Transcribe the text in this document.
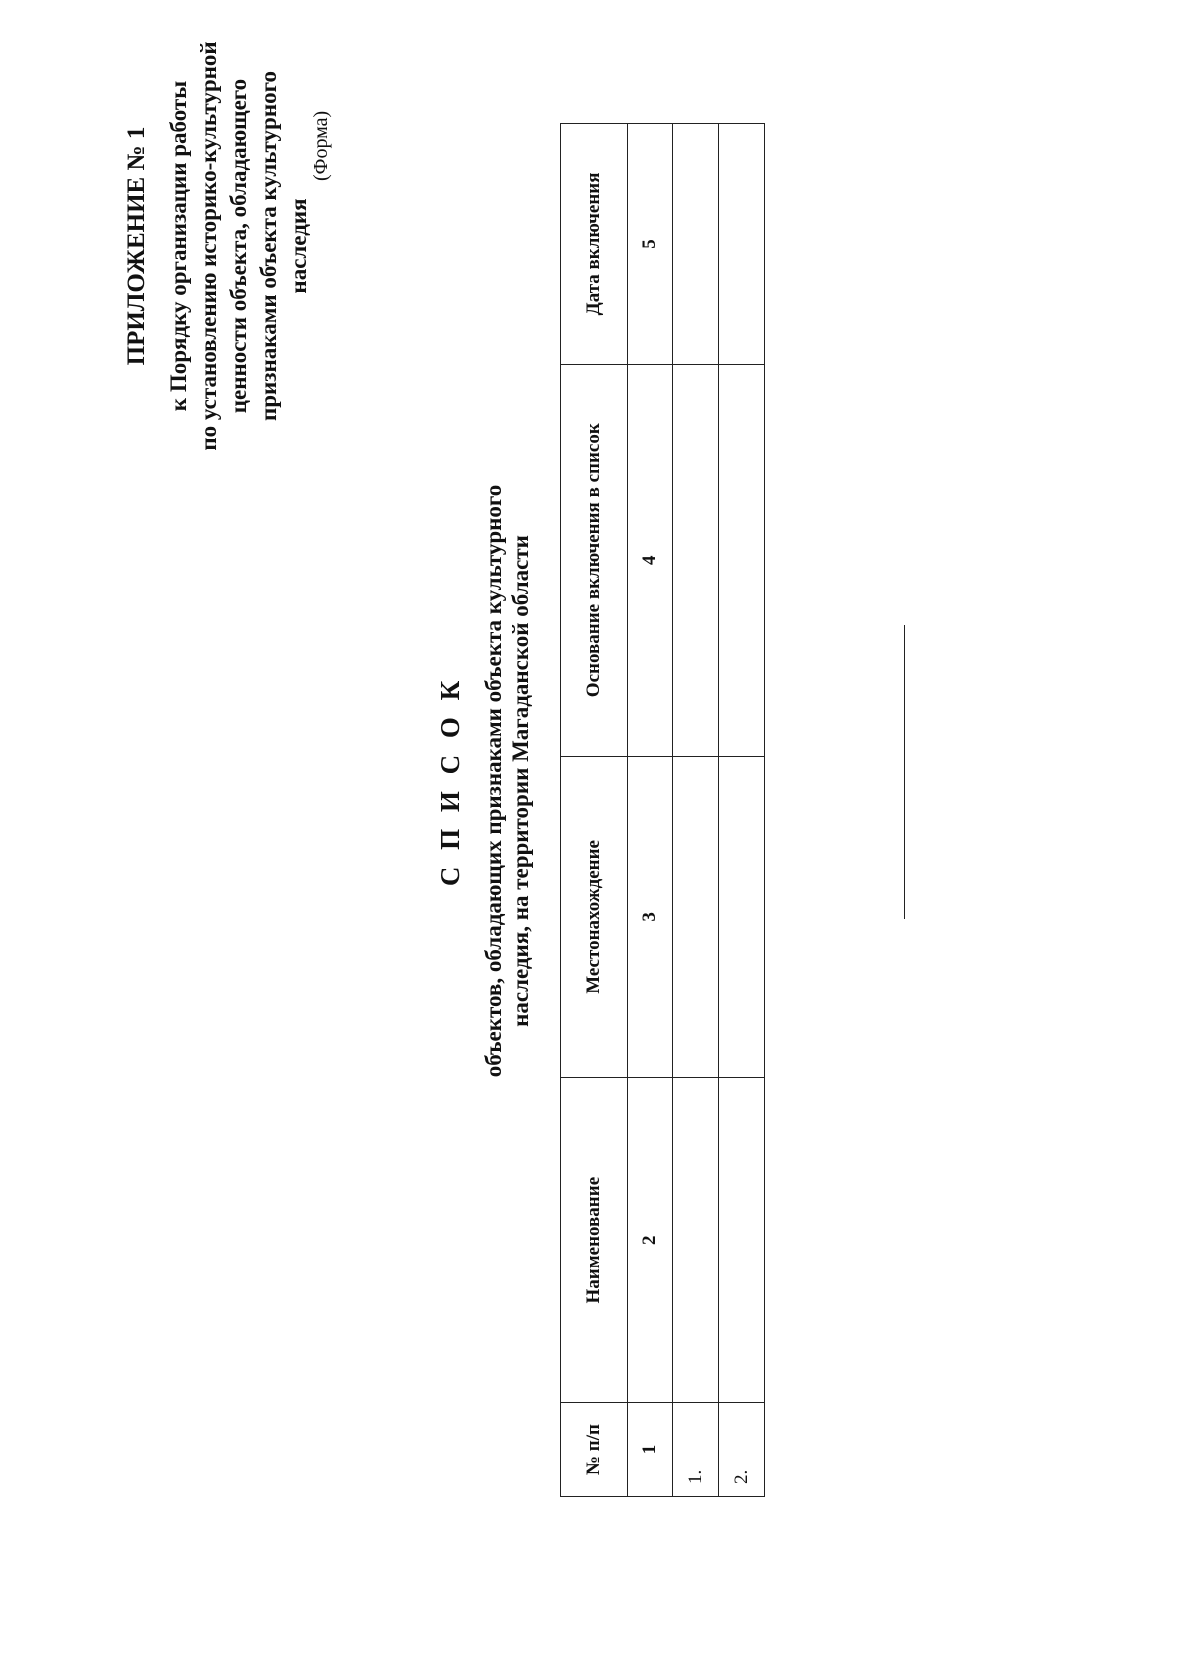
ПРИЛОЖЕНИЕ № 1 к Порядку организации работы по установлению историко-культурной ценности объекта, обладающего признаками объекта культурного наследия
(Форма)
С П И С О К объектов, обладающих признаками объекта культурного наследия, на территории Магаданской области
№ п/п	Наименование	Местонахождение	Основание включения в список	Дата включения
1	2	3	4	5
1.				
2.				
